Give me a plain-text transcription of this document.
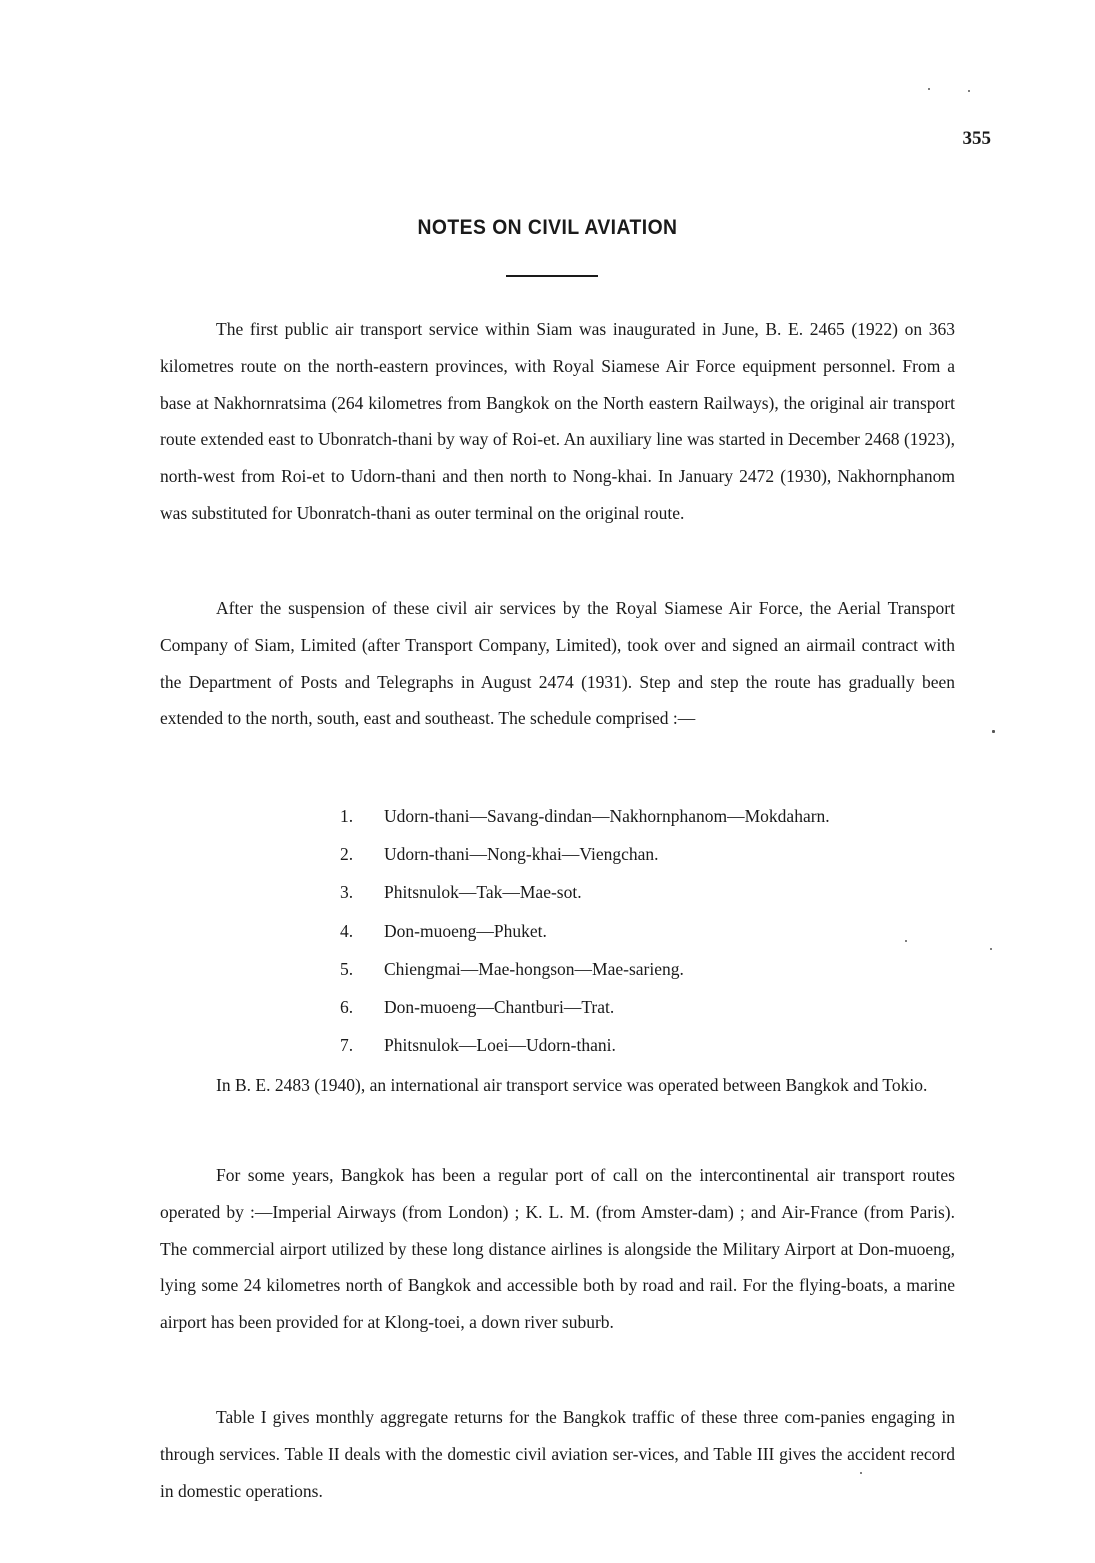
355
NOTES ON CIVIL AVIATION

The first public air transport service within Siam was inaugurated in June, B. E. 2465 (1922) on 363 kilometres route on the north-eastern provinces, with Royal Siamese Air Force equipment personnel. From a base at Nakhornratsima (264 kilometres from Bangkok on the North eastern Railways), the original air transport route extended east to Ubonratch-thani by way of Roi-et. An auxiliary line was started in December 2468 (1923), north-west from Roi-et to Udorn-thani and then north to Nong-khai. In January 2472 (1930), Nakhornphanom was substituted for Ubonratch-thani as outer terminal on the original route.

After the suspension of these civil air services by the Royal Siamese Air Force, the Aerial Transport Company of Siam, Limited (after Transport Company, Limited), took over and signed an airmail contract with the Department of Posts and Telegraphs in August 2474 (1931). Step and step the route has gradually been extended to the north, south, east and southeast. The schedule comprised :—

1. Udorn-thani—Savang-dindan—Nakhornphanom—Mokdaharn.
2. Udorn-thani—Nong-khai—Viengchan.
3. Phitsnulok—Tak—Mae-sot.
4. Don-muoeng—Phuket.
5. Chiengmai—Mae-hongson—Mae-sarieng.
6. Don-muoeng—Chantburi—Trat.
7. Phitsnulok—Loei—Udorn-thani.

In B. E. 2483 (1940), an international air transport service was operated between Bangkok and Tokio.

For some years, Bangkok has been a regular port of call on the intercontinental air transport routes operated by :—Imperial Airways (from London) ; K. L. M. (from Amster-dam) ; and Air-France (from Paris). The commercial airport utilized by these long distance airlines is alongside the Military Airport at Don-muoeng, lying some 24 kilometres north of Bangkok and accessible both by road and rail. For the flying-boats, a marine airport has been provided for at Klong-toei, a down river suburb.

Table I gives monthly aggregate returns for the Bangkok traffic of these three com-panies engaging in through services. Table II deals with the domestic civil aviation ser-vices, and Table III gives the accident record in domestic operations.
